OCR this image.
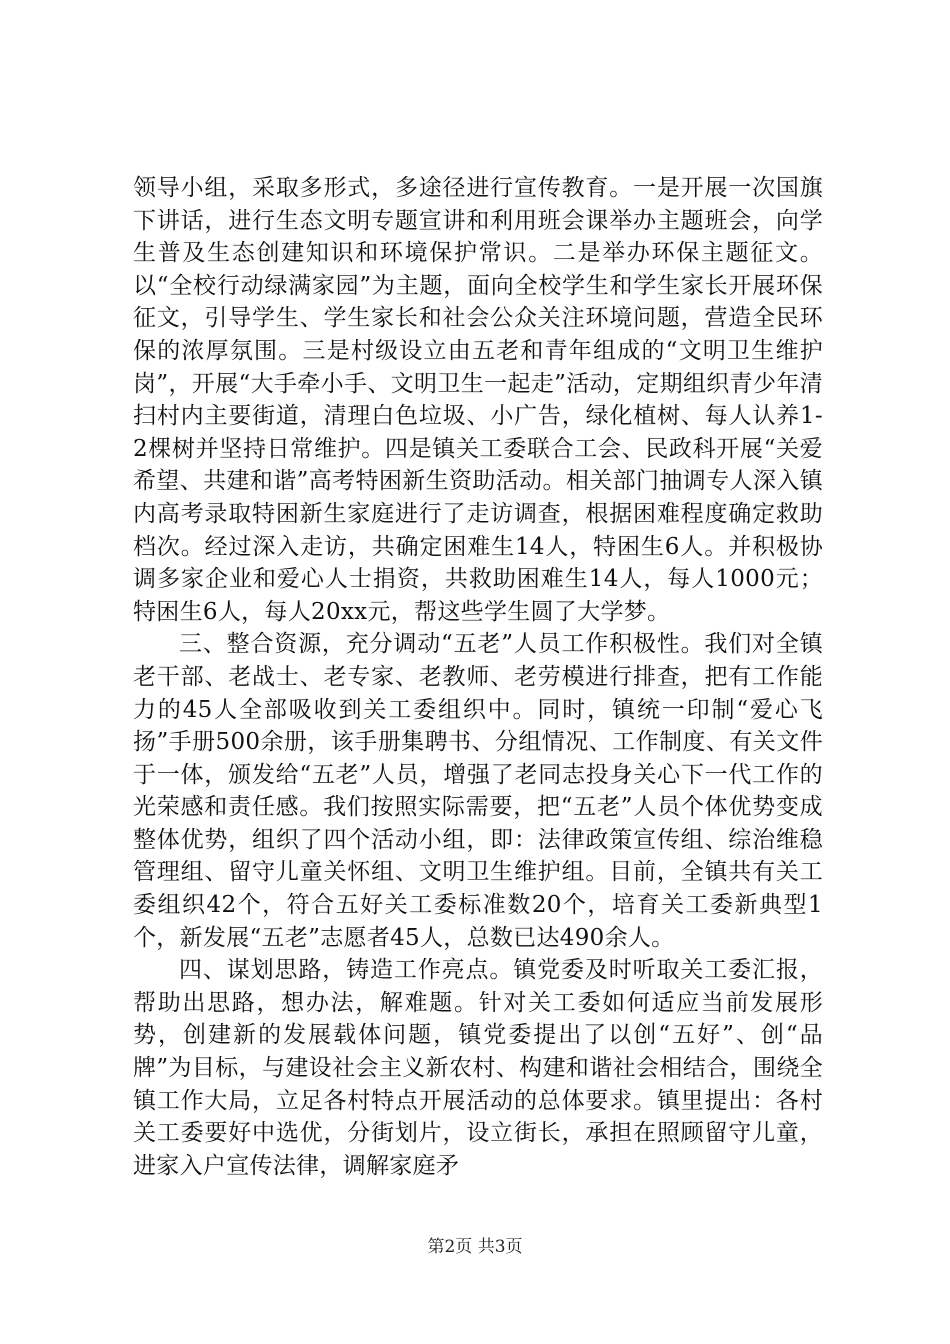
领导小组，采取多形式，多途径进行宣传教育。一是开展一次国旗下讲话，进行生态文明专题宣讲和利用班会课举办主题班会，向学生普及生态创建知识和环境保护常识。二是举办环保主题征文。以“全校行动绿满家园”为主题，面向全校学生和学生家长开展环保征文，引导学生、学生家长和社会公众关注环境问题，营造全民环保的浓厚氛围。三是村级设立由五老和青年组成的“文明卫生维护岗”，开展“大手牵小手、文明卫生一起走”活动，定期组织青少年清扫村内主要街道，清理白色垃圾、小广告，绿化植树、每人认养1-2棵树并坚持日常维护。四是镇关工委联合工会、民政科开展“关爱希望、共建和谐”高考特困新生资助活动。相关部门抽调专人深入镇内高考录取特困新生家庭进行了走访调查，根据困难程度确定救助档次。经过深入走访，共确定困难生14人，特困生6人。并积极协调多家企业和爱心人士捐资，共救助困难生14人，每人1000元；特困生6人，每人20xx元，帮这些学生圆了大学梦。

三、整合资源，充分调动“五老”人员工作积极性。我们对全镇老干部、老战士、老专家、老教师、老劳模进行排查，把有工作能力的45人全部吸收到关工委组织中。同时，镇统一印制“爱心飞扬”手册500余册，该手册集聘书、分组情况、工作制度、有关文件于一体，颁发给“五老”人员，增强了老同志投身关心下一代工作的光荣感和责任感。我们按照实际需要，把“五老”人员个体优势变成整体优势，组织了四个活动小组，即：法律政策宣传组、综治维稳管理组、留守儿童关怀组、文明卫生维护组。目前，全镇共有关工委组织42个，符合五好关工委标准数20个，培育关工委新典型1个，新发展“五老”志愿者45人，总数已达490余人。

四、谋划思路，铸造工作亮点。镇党委及时听取关工委汇报，帮助出思路，想办法，解难题。针对关工委如何适应当前发展形势，创建新的发展载体问题，镇党委提出了以创“五好”、创“品牌”为目标，与建设社会主义新农村、构建和谐社会相结合，围绕全镇工作大局，立足各村特点开展活动的总体要求。镇里提出：各村关工委要好中选优，分街划片，设立街长，承担在照顾留守儿童，进家入户宣传法律，调解家庭矛

第2页 共3页
